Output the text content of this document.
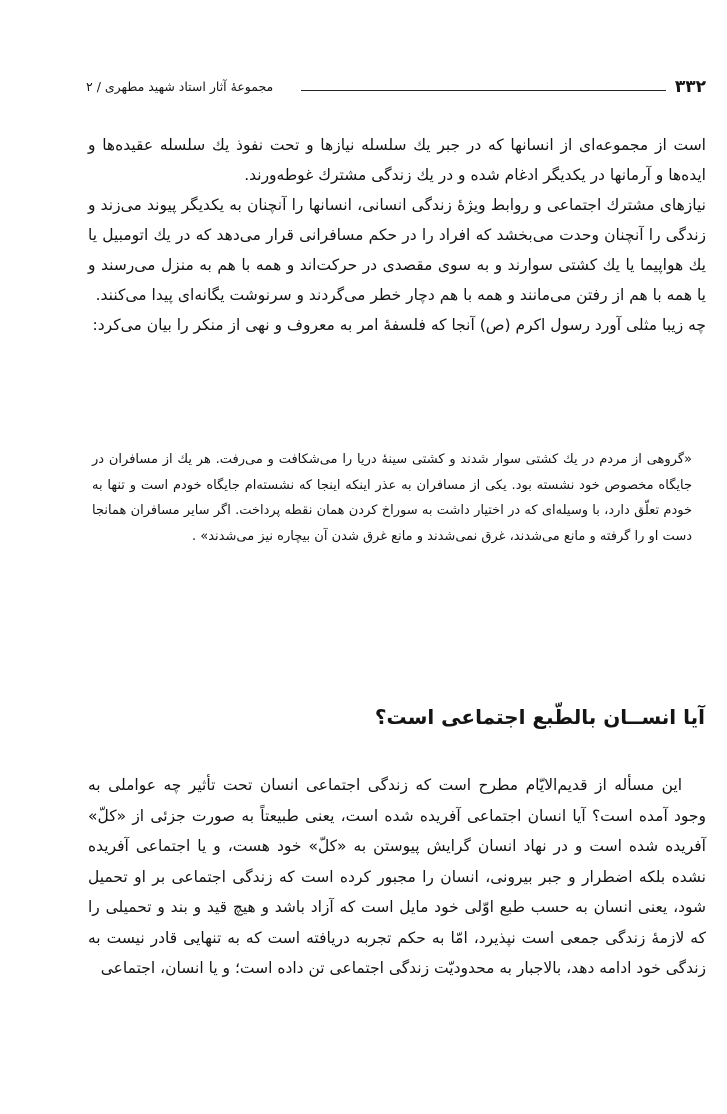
۳۳۲
مجموعهٔ آثار استاد شهید مطهری / ۲

است از مجموعه‌ای از انسانها که در جبر یك سلسله نیازها و تحت نفوذ یك سلسله عقیده‌ها و ایده‌ها و آرمانها در یکدیگر ادغام شده و در یك زندگی مشترك غوطه‌ورند.

نیازهای مشترك اجتماعی و روابط ویژهٔ زندگی انسانی، انسانها را آنچنان به یکدیگر پیوند می‌زند و زندگی را آنچنان وحدت می‌بخشد که افراد را در حکم مسافرانی قرار می‌دهد که در یك اتومبیل یا یك هواپیما یا یك کشتی سوارند و به سوی مقصدی در حرکت‌اند و همه با هم به منزل می‌رسند و یا همه با هم از رفتن می‌مانند و همه با هم دچار خطر می‌گردند و سرنوشت یگانه‌ای پیدا می‌کنند.

چه زیبا مثلی آورد رسول اکرم (ص) آنجا که فلسفهٔ امر به معروف و نهی از منکر را بیان می‌کرد:

«گروهی از مردم در یك کشتی سوار شدند و کشتی سینهٔ دریا را می‌شکافت و می‌رفت. هر یك از مسافران در جایگاه مخصوص خود نشسته بود. یکی از مسافران به عذر اینکه اینجا که نشسته‌ام جایگاه خودم است و تنها به خودم تعلّق دارد، با وسیله‌ای که در اختیار داشت به سوراخ کردن همان نقطه پرداخت. اگر سایر مسافران همانجا دست او را گرفته و مانع می‌شدند، غرق نمی‌شدند و مانع غرق شدن آن بیچاره نیز می‌شدند» .
آیا انســان بالطّبع اجتماعی است؟

این مسأله از قدیم‌الایّام مطرح است که زندگی اجتماعی انسان تحت تأثیر چه عواملی به وجود آمده است؟ آیا انسان اجتماعی آفریده شده است، یعنی طبیعتاً به صورت جزئی از «کلّ» آفریده شده است و در نهاد انسان گرایش پیوستن به «کلّ» خود هست، و یا اجتماعی آفریده نشده بلکه اضطرار و جبر بیرونی، انسان را مجبور کرده است که زندگی اجتماعی بر او تحمیل شود، یعنی انسان به حسب طبع اوّلی خود مایل است که آزاد باشد و هیچ قید و بند و تحمیلی را که لازمهٔ زندگی جمعی است نپذیرد، امّا به حکم تجربه دریافته است که به تنهایی قادر نیست به زندگی خود ادامه دهد، بالاجبار به محدودیّت زندگی اجتماعی تن داده است؛ و یا انسان، اجتماعی
